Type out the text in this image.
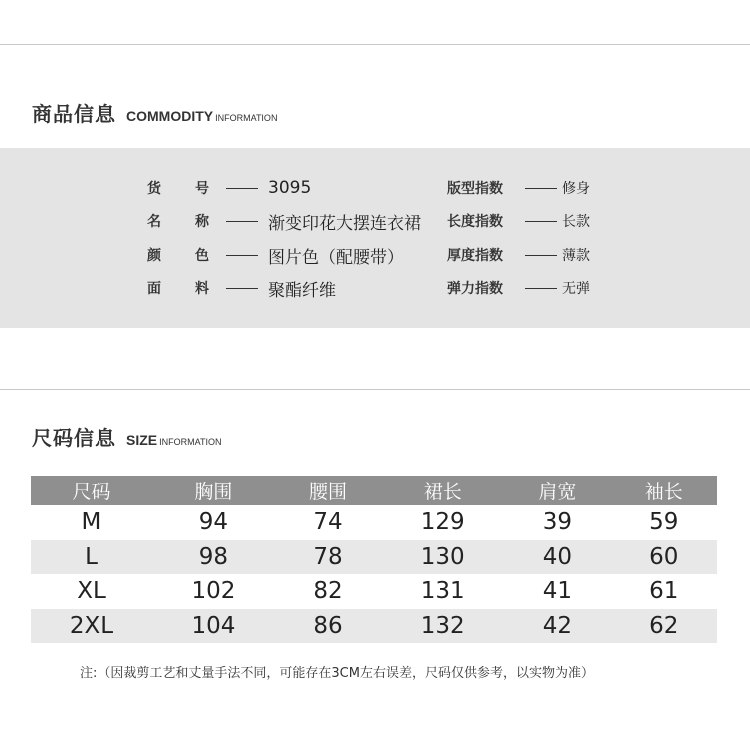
商品信息 COMMODITY INFORMATION
货	号	3095
名	称	渐变印花大摆连衣裙
颜	色	图片色（配腰带）
面	料	聚酯纤维
版型指数	修身
长度指数	长款
厚度指数	薄款
弹力指数	无弹
尺码信息 SIZE INFORMATION
尺码	胸围	腰围	裙长	肩宽	袖长
M	94	74	129	39	59
L	98	78	130	40	60
XL	102	82	131	41	61
2XL	104	86	132	42	62
注:（因裁剪工艺和丈量手法不同，可能存在3CM左右误差，尺码仅供参考，以实物为准）
